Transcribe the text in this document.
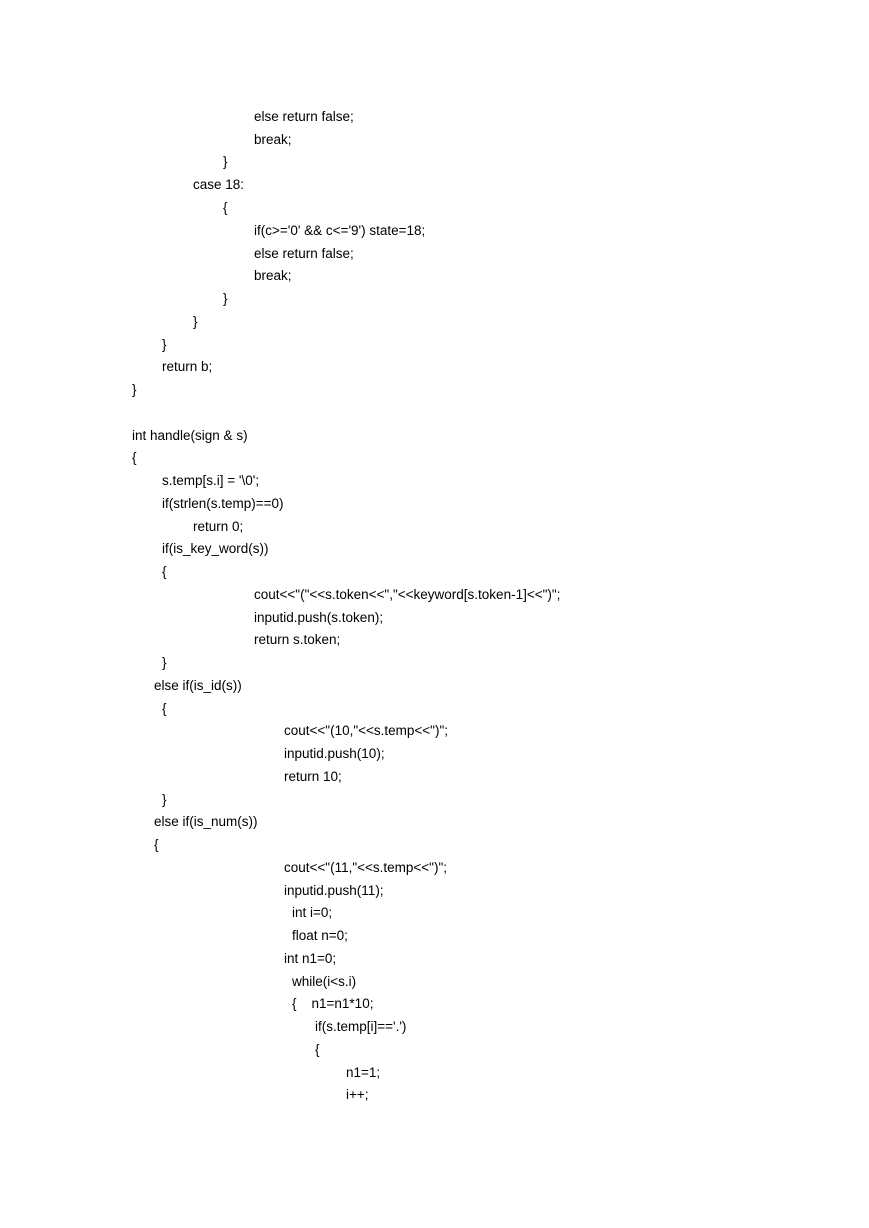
else return false;
break;
}
case 18:
{
if(c>='0' && c<='9') state=18;
else return false;
break;
}
}
}
return b;
}
int handle(sign & s)
{
s.temp[s.i] = '\0';
if(strlen(s.temp)==0)
return 0;
if(is_key_word(s))
{
cout<<"("<<s.token<<","<<keyword[s.token-1]<<")";
inputid.push(s.token);
return s.token;
}
else if(is_id(s))
{
cout<<"(10,"<<s.temp<<")";
inputid.push(10);
return 10;
}
else if(is_num(s))
{
cout<<"(11,"<<s.temp<<")";
inputid.push(11);
int i=0;
float n=0;
int n1=0;
while(i<s.i)
{    n1=n1*10;
if(s.temp[i]=='.')
{
n1=1;
i++;
